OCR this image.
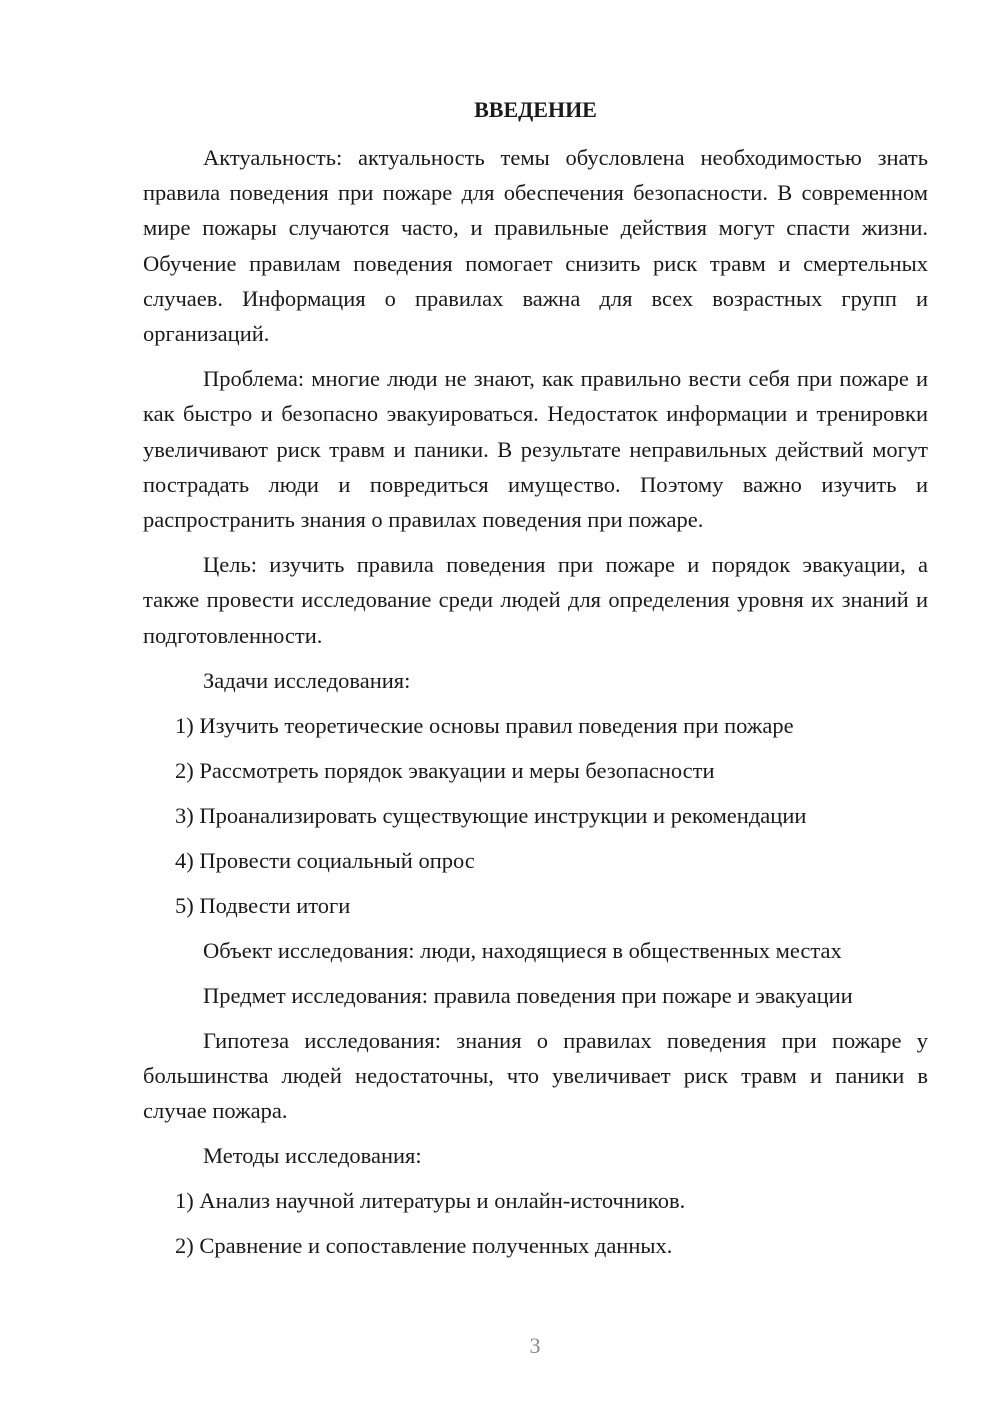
ВВЕДЕНИЕ

Актуальность: актуальность темы обусловлена необходимостью знать правила поведения при пожаре для обеспечения безопасности. В современном мире пожары случаются часто, и правильные действия могут спасти жизни. Обучение правилам поведения помогает снизить риск травм и смертельных случаев. Информация о правилах важна для всех возрастных групп и организаций.

Проблема: многие люди не знают, как правильно вести себя при пожаре и как быстро и безопасно эвакуироваться. Недостаток информации и тренировки увеличивают риск травм и паники. В результате неправильных действий могут пострадать люди и повредиться имущество. Поэтому важно изучить и распространить знания о правилах поведения при пожаре.

Цель: изучить правила поведения при пожаре и порядок эвакуации, а также провести исследование среди людей для определения уровня их знаний и подготовленности.

Задачи исследования:
1) Изучить теоретические основы правил поведения при пожаре
2) Рассмотреть порядок эвакуации и меры безопасности
3) Проанализировать существующие инструкции и рекомендации
4) Провести социальный опрос
5) Подвести итоги
Объект исследования: люди, находящиеся в общественных местах
Предмет исследования: правила поведения при пожаре и эвакуации

Гипотеза исследования: знания о правилах поведения при пожаре у большинства людей недостаточны, что увеличивает риск травм и паники в случае пожара.

Методы исследования:
1) Анализ научной литературы и онлайн-источников.
2) Сравнение и сопоставление полученных данных.
3
